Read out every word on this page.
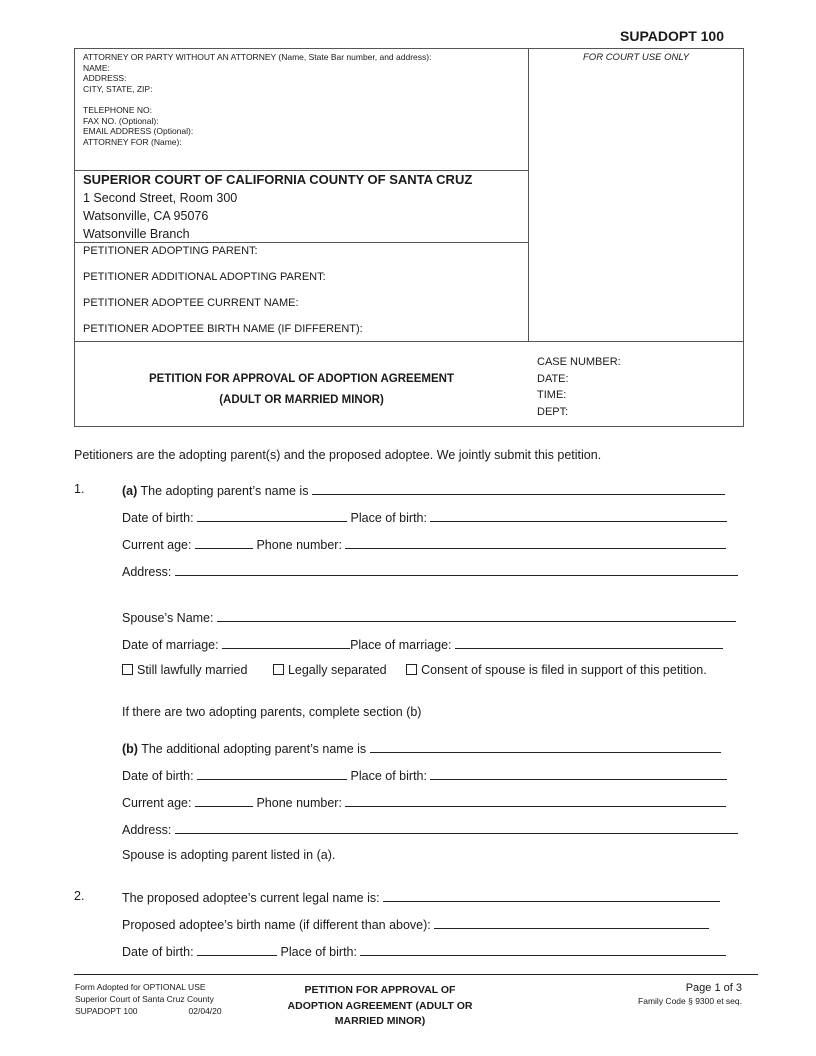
SUPADOPT 100
ATTORNEY OR PARTY WITHOUT AN ATTORNEY (Name, State Bar number, and address):
NAME:
ADDRESS:
CITY, STATE, ZIP:
TELEPHONE NO:
FAX NO. (Optional):
EMAIL ADDRESS (Optional):
ATTORNEY FOR (Name):
FOR COURT USE ONLY
SUPERIOR COURT OF CALIFORNIA COUNTY OF SANTA CRUZ
1 Second Street, Room 300
Watsonville, CA 95076
Watsonville Branch
PETITIONER ADOPTING PARENT:
PETITIONER ADDITIONAL ADOPTING PARENT:
PETITIONER ADOPTEE CURRENT NAME:
PETITIONER ADOPTEE BIRTH NAME (IF DIFFERENT):
PETITION FOR APPROVAL OF ADOPTION AGREEMENT
(ADULT OR MARRIED MINOR)
CASE NUMBER:
DATE:
TIME:
DEPT:
Petitioners are the adopting parent(s) and the proposed adoptee. We jointly submit this petition.
1.	(a) The adopting parent’s name is
Date of birth:	Place of birth:
Current age:	Phone number:
Address:
Spouse’s Name:
Date of marriage:	Place of marriage:
Still lawfully married	Legally separated	Consent of spouse is filed in support of this petition.
If there are two adopting parents, complete section (b)
(b) The additional adopting parent’s name is
Date of birth:	Place of birth:
Current age:	Phone number:
Address:
Spouse is adopting parent listed in (a).
2.	The proposed adoptee’s current legal name is:
Proposed adoptee’s birth name (if different than above):
Date of birth:	Place of birth:
Form Adopted for OPTIONAL USE
Superior Court of Santa Cruz County
SUPADOPT 100	02/04/20
PETITION FOR APPROVAL OF
ADOPTION AGREEMENT (ADULT OR
MARRIED MINOR)
Page 1 of 3
Family Code § 9300 et seq.
